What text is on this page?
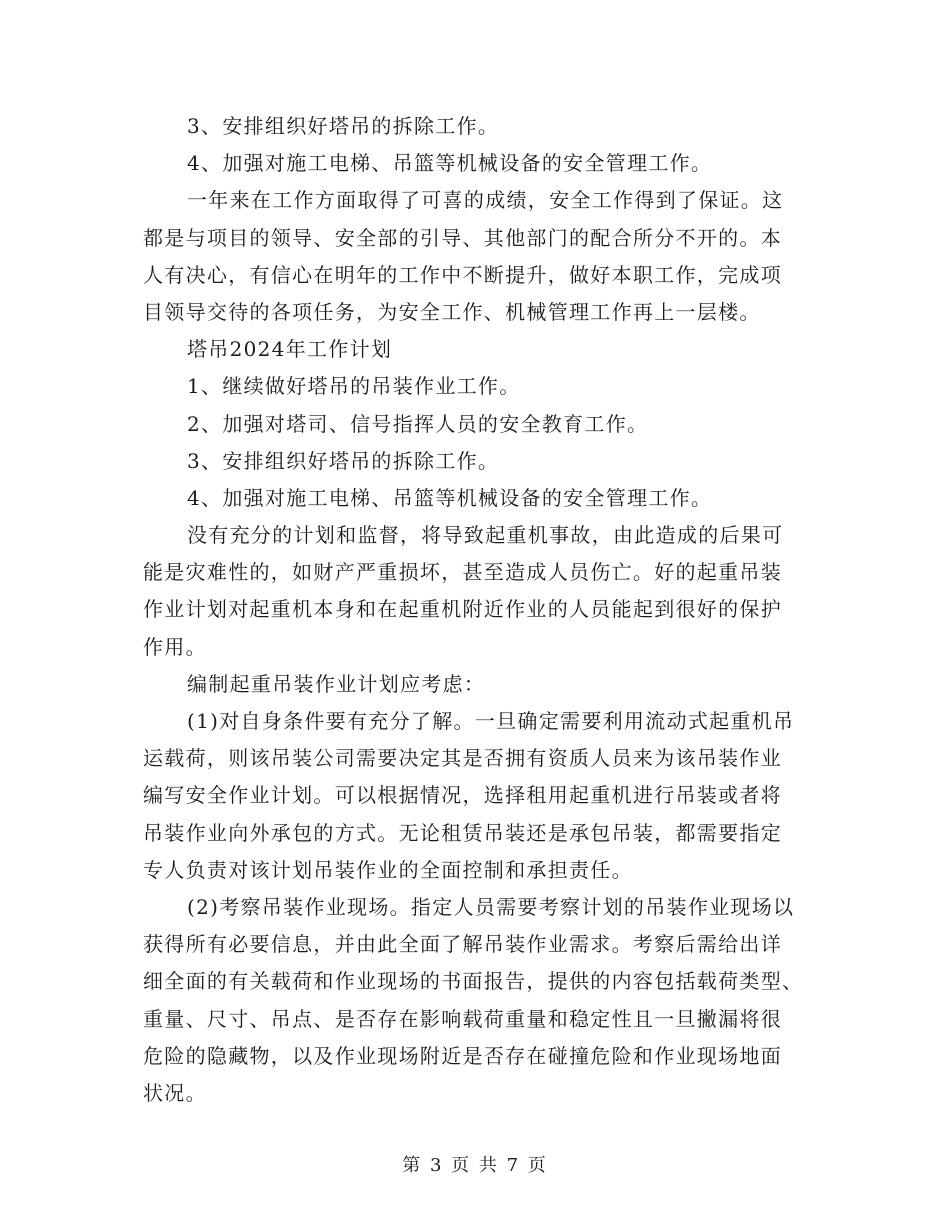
3、安排组织好塔吊的拆除工作。
4、加强对施工电梯、吊篮等机械设备的安全管理工作。
一年来在工作方面取得了可喜的成绩，安全工作得到了保证。这
都是与项目的领导、安全部的引导、其他部门的配合所分不开的。本
人有决心，有信心在明年的工作中不断提升，做好本职工作，完成项
目领导交待的各项任务，为安全工作、机械管理工作再上一层楼。
塔吊2024年工作计划
1、继续做好塔吊的吊装作业工作。
2、加强对塔司、信号指挥人员的安全教育工作。
3、安排组织好塔吊的拆除工作。
4、加强对施工电梯、吊篮等机械设备的安全管理工作。
没有充分的计划和监督，将导致起重机事故，由此造成的后果可
能是灾难性的，如财产严重损坏，甚至造成人员伤亡。好的起重吊装
作业计划对起重机本身和在起重机附近作业的人员能起到很好的保护
作用。
编制起重吊装作业计划应考虑：
(1)对自身条件要有充分了解。一旦确定需要利用流动式起重机吊
运载荷，则该吊装公司需要决定其是否拥有资质人员来为该吊装作业
编写安全作业计划。可以根据情况，选择租用起重机进行吊装或者将
吊装作业向外承包的方式。无论租赁吊装还是承包吊装，都需要指定
专人负责对该计划吊装作业的全面控制和承担责任。
(2)考察吊装作业现场。指定人员需要考察计划的吊装作业现场以
获得所有必要信息，并由此全面了解吊装作业需求。考察后需给出详
细全面的有关载荷和作业现场的书面报告，提供的内容包括载荷类型、
重量、尺寸、吊点、是否存在影响载荷重量和稳定性且一旦撇漏将很
危险的隐藏物，以及作业现场附近是否存在碰撞危险和作业现场地面
状况。
第 3 页 共 7 页
